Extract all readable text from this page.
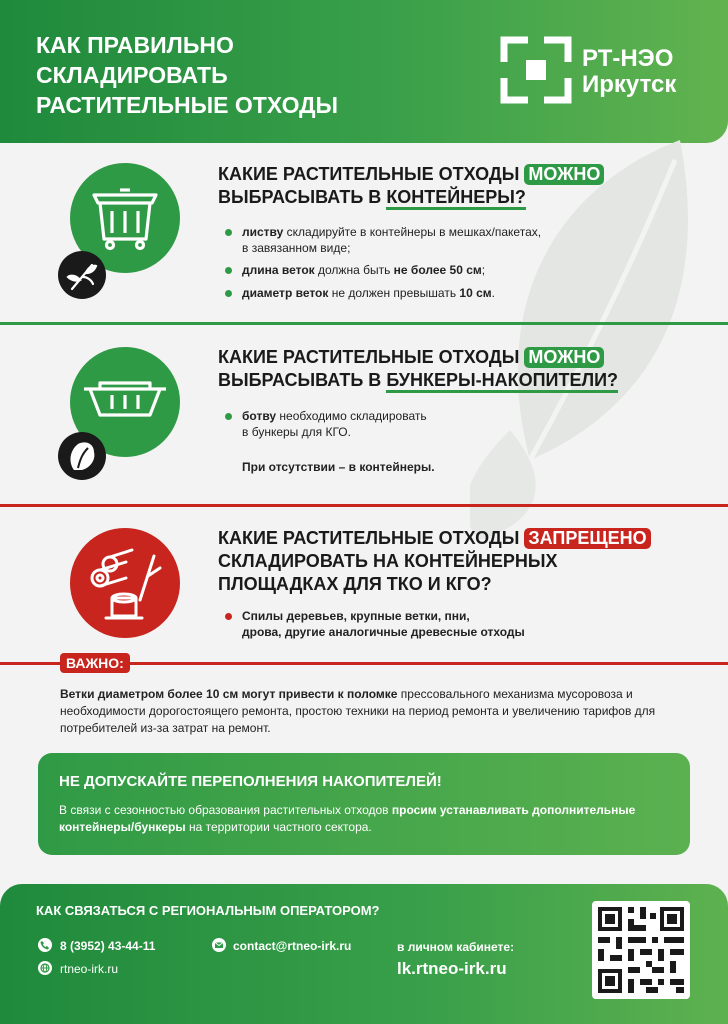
КАК ПРАВИЛЬНО
СКЛАДИРОВАТЬ
РАСТИТЕЛЬНЫЕ ОТХОДЫ
РТ-НЭО
Иркутск
КАКИЕ РАСТИТЕЛЬНЫЕ ОТХОДЫ МОЖНО
ВЫБРАСЫВАТЬ В КОНТЕЙНЕРЫ?
листву складируйте в контейнеры в мешках/пакетах,
в завязанном виде;
длина веток должна быть не более 50 см;
диаметр веток не должен превышать 10 см.
КАКИЕ РАСТИТЕЛЬНЫЕ ОТХОДЫ МОЖНО
ВЫБРАСЫВАТЬ В БУНКЕРЫ-НАКОПИТЕЛИ?
ботву необходимо складировать
в бункеры для КГО.
При отсутствии – в контейнеры.
КАКИЕ РАСТИТЕЛЬНЫЕ ОТХОДЫ ЗАПРЕЩЕНО
СКЛАДИРОВАТЬ НА КОНТЕЙНЕРНЫХ
ПЛОЩАДКАХ ДЛЯ ТКО И КГО?
Спилы деревьев, крупные ветки, пни,
дрова, другие аналогичные древесные отходы
ВАЖНО:
Ветки диаметром более 10 см могут привести к поломке прессовального механизма мусоровоза и необходимости дорогостоящего ремонта, простою техники на период ремонта и увеличению тарифов для потребителей из-за затрат на ремонт.
НЕ ДОПУСКАЙТЕ ПЕРЕПОЛНЕНИЯ НАКОПИТЕЛЕЙ!
В связи с сезонностью образования растительных отходов просим устанавливать дополнительные контейнеры/бункеры на территории частного сектора.
КАК СВЯЗАТЬСЯ С РЕГИОНАЛЬНЫМ ОПЕРАТОРОМ?
8 (3952) 43-44-11	contact@rtneo-irk.ru
rtneo-irk.ru
в личном кабинете:
lk.rtneo-irk.ru
